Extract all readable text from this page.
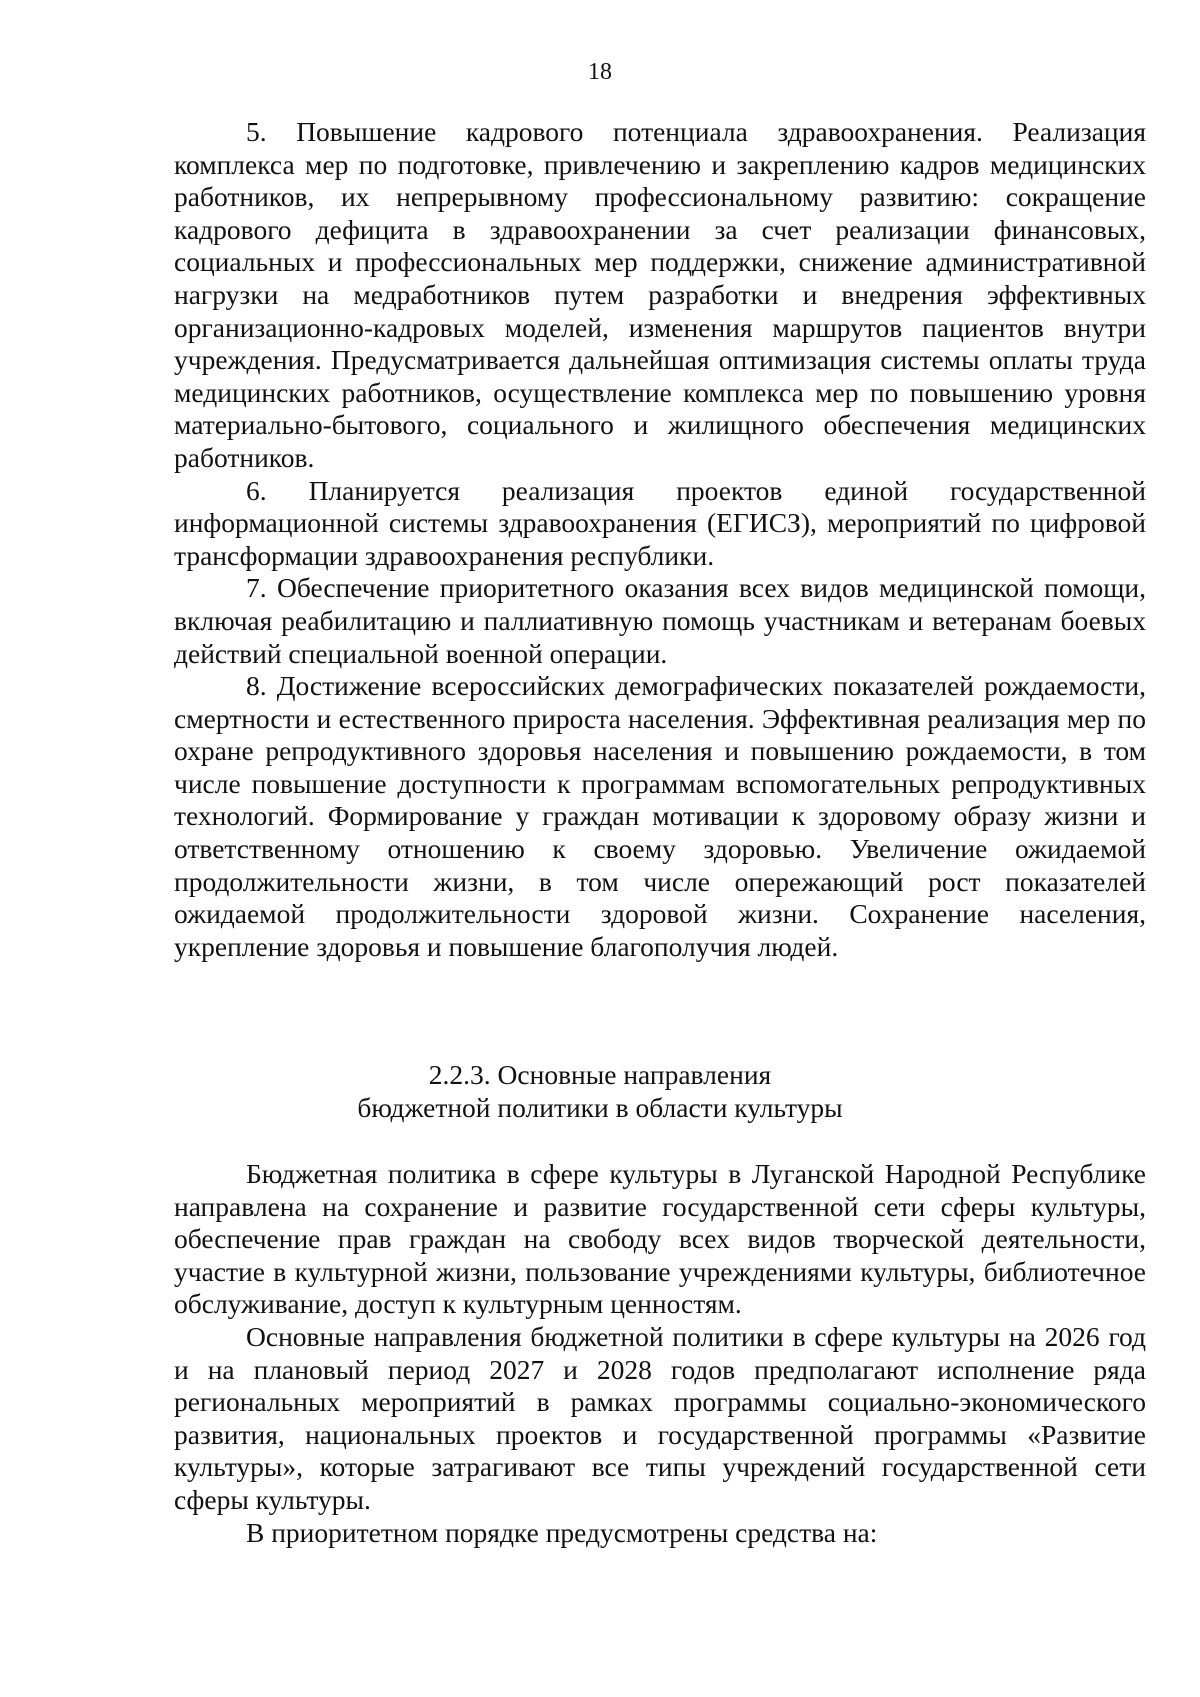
18

5. Повышение кадрового потенциала здравоохранения. Реализация комплекса мер по подготовке, привлечению и закреплению кадров медицинских работников, их непрерывному профессиональному развитию: сокращение кадрового дефицита в здравоохранении за счет реализации финансовых, социальных и профессиональных мер поддержки, снижение административной нагрузки на медработников путем разработки и внедрения эффективных организационно-кадровых моделей, изменения маршрутов пациентов внутри учреждения. Предусматривается дальнейшая оптимизация системы оплаты труда медицинских работников, осуществление комплекса мер по повышению уровня материально-бытового, социального и жилищного обеспечения медицинских работников.

6. Планируется реализация проектов единой государственной информационной системы здравоохранения (ЕГИСЗ), мероприятий по цифровой трансформации здравоохранения республики.

7. Обеспечение приоритетного оказания всех видов медицинской помощи, включая реабилитацию и паллиативную помощь участникам и ветеранам боевых действий специальной военной операции.

8. Достижение всероссийских демографических показателей рождаемости, смертности и естественного прироста населения. Эффективная реализация мер по охране репродуктивного здоровья населения и повышению рождаемости, в том числе повышение доступности к программам вспомогательных репродуктивных технологий. Формирование у граждан мотивации к здоровому образу жизни и ответственному отношению к своему здоровью. Увеличение ожидаемой продолжительности жизни, в том числе опережающий рост показателей ожидаемой продолжительности здоровой жизни. Сохранение населения, укрепление здоровья и повышение благополучия людей.

2.2.3. Основные направления
бюджетной политики в области культуры

Бюджетная политика в сфере культуры в Луганской Народной Республике направлена на сохранение и развитие государственной сети сферы культуры, обеспечение прав граждан на свободу всех видов творческой деятельности, участие в культурной жизни, пользование учреждениями культуры, библиотечное обслуживание, доступ к культурным ценностям.

Основные направления бюджетной политики в сфере культуры на 2026 год и на плановый период 2027 и 2028 годов предполагают исполнение ряда региональных мероприятий в рамках программы социально-экономического развития, национальных проектов и государственной программы «Развитие культуры», которые затрагивают все типы учреждений государственной сети сферы культуры.

В приоритетном порядке предусмотрены средства на:
